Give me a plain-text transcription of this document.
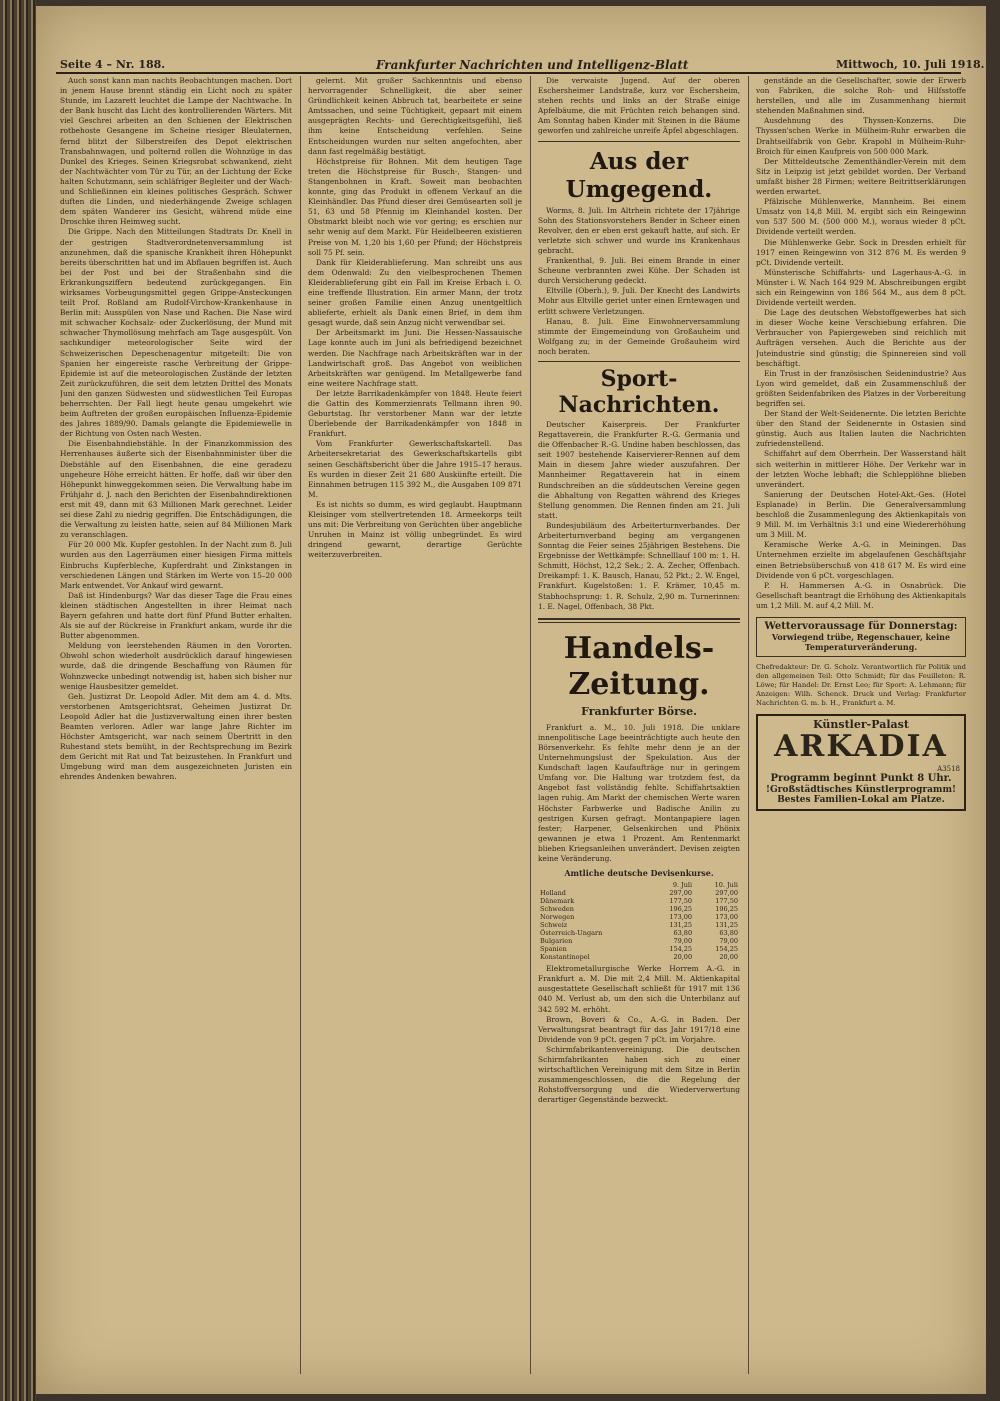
Seite 4 – Nr. 188.	Frankfurter Nachrichten und Intelligenz-Blatt	Mittwoch, 10. Juli 1918.

Auch sonst kann man nachts Beobachtungen machen. Dort in jenem Hause brennt ständig ein Licht noch zu später Stunde, im Lazarett leuchtet die Lampe der Nachtwache. In der Bank huscht das Licht des kontrollierenden Wärters. Mit viel Geschrei arbeiten an den Schienen der Elektrischen rotbehoste Gesangene im Scheine riesiger Bleulaternen, fernd blitzt der Silberstreifen des Depot elektrischen Transbahnwagen, und polternd rollen die Wohnzüge in das Dunkel des Krieges. Seinen Kriegsrobat schwankend, zieht der Nachtwächter vom Tür zu Tür, an der Lichtung der Ecke halten Schutzmann, sein schläfriger Begleiter und der Wach- und Schließinnen ein kleines politisches Gespräch. Schwer duften die Linden, und niederhängende Zweige schlagen dem späten Wanderer ins Gesicht, während müde eine Droschke ihren Heimweg sucht.

Die Grippe. Nach den Mitteilungen Stadtrats Dr. Knell in der gestrigen Stadtverordnetenversammlung ist anzunehmen, daß die spanische Krankheit ihren Höhepunkt bereits überschritten hat und im Abflauen begriffen ist. Auch bei der Post und bei der Straßenbahn sind die Erkrankungsziffern bedeutend zurückgegangen. Ein wirksames Vorbeugungsmittel gegen Grippe-Ansteckungen teilt Prof. Roßland am Rudolf-Virchow-Krankenhause in Berlin mit: Ausspülen von Nase und Rachen. Die Nase wird mit schwacher Kochsalz- oder Zuckerlösung, der Mund mit schwacher Thymollösung mehrfach am Tage ausgespült. Von sachkundiger meteorologischer Seite wird der Schweizerischen Depeschenagentur mitgeteilt: Die von Spanien her eingereiste rasche Verbreitung der Grippe-Epidemie ist auf die meteorologischen Zustände der letzten Zeit zurückzuführen, die seit dem letzten Drittel des Monats Juni den ganzen Südwesten und südwestlichen Teil Europas beherrschten. Der Fall liegt heute genau umgekehrt wie beim Auftreten der großen europäischen Influenza-Epidemie des Jahres 1889/90. Damals gelangte die Epidemiewelle in der Richtung von Osten nach Westen.

Die Eisenbahndiebstähle. In der Finanzkommission des Herrenhauses äußerte sich der Eisenbahnminister über die Diebstähle auf den Eisenbahnen, die eine geradezu ungeheure Höhe erreicht hätten. Er hoffe, daß wir über den Höhepunkt hinweggekommen seien. Die Verwaltung habe im Frühjahr d. J. nach den Berichten der Eisenbahndirektionen erst mit 49, dann mit 63 Millionen Mark gerechnet. Leider sei diese Zahl zu niedrig gegriffen. Die Entschädigungen, die die Verwaltung zu leisten hatte, seien auf 84 Millionen Mark zu veranschlagen.

Für 20 000 Mk. Kupfer gestohlen. In der Nacht zum 8. Juli wurden aus den Lagerräumen einer hiesigen Firma mittels Einbruchs Kupferbleche, Kupferdraht und Zinkstangen in verschiedenen Längen und Stärken im Werte von 15–20 000 Mark entwendet. Vor Ankauf wird gewarnt.

Daß ist Hindenburgs? War das dieser Tage die Frau eines kleinen städtischen Angestellten in ihrer Heimat nach Bayern gefahren und hatte dort fünf Pfund Butter erhalten. Als sie auf der Rückreise in Frankfurt ankam, wurde ihr die Butter abgenommen.

Meldung von leerstehenden Räumen in den Vororten. Obwohl schon wiederholt ausdrücklich darauf hingewiesen wurde, daß die dringende Beschaffung von Räumen für Wohnzwecke unbedingt notwendig ist, haben sich bisher nur wenige Hausbesitzer gemeldet.

Geh. Justizrat Dr. Leopold Adler. Mit dem am 4. d. Mts. verstorbenen Amtsgerichtsrat, Geheimen Justizrat Dr. Leopold Adler hat die Justizverwaltung einen ihrer besten Beamten verloren. Adler war lange Jahre Richter im Höchster Amtsgericht, war nach seinem Übertritt in den Ruhestand stets bemüht, in der Rechtsprechung im Bezirk dem Gericht mit Rat und Tat beizustehen. In Frankfurt und Umgebung wird man dem ausgezeichneten Juristen ein ehrendes Andenken bewahren.

gelernt. Mit großer Sachkenntnis und ebenso hervorragender Schnelligkeit, die aber seiner Gründlichkeit keinen Abbruch tat, bearbeitete er seine Amtssachen, und seine Tüchtigkeit, gepaart mit einem ausgeprägten Rechts- und Gerechtigkeitsgefühl, ließ ihm keine Entscheidung verfehlen. Seine Entscheidungen wurden nur selten angefochten, aber dann fast regelmäßig bestätigt.

Höchstpreise für Bohnen. Mit dem heutigen Tage treten die Höchstpreise für Busch-, Stangen- und Stangenbohnen in Kraft. Soweit man beobachten konnte, ging das Produkt in offenem Verkauf an die Kleinhändler. Das Pfund dieser drei Gemüsearten soll je 51, 63 und 58 Pfennig im Kleinhandel kosten. Der Obstmarkt bleibt noch wie vor gering; es erschien nur sehr wenig auf dem Markt. Für Heidelbeeren existieren Preise von M. 1,20 bis 1,60 per Pfund; der Höchstpreis soll 75 Pf. sein.

Dank für Kleiderablieferung. Man schreibt uns aus dem Odenwald: Zu den vielbesprochenen Themen Kleiderablieferung gibt ein Fall im Kreise Erbach i. O. eine treffende Illustration. Ein armer Mann, der trotz seiner großen Familie einen Anzug unentgeltlich ablieferte, erhielt als Dank einen Brief, in dem ihm gesagt wurde, daß sein Anzug nicht verwendbar sei.

Der Arbeitsmarkt im Juni. Die Hessen-Nassauische Lage konnte auch im Juni als befriedigend bezeichnet werden. Die Nachfrage nach Arbeitskräften war in der Landwirtschaft groß. Das Angebot von weiblichen Arbeitskräften war genügend. Im Metallgewerbe fand eine weitere Nachfrage statt.

Der letzte Barrikadenkämpfer von 1848. Heute feiert die Gattin des Kommerzienrats Tellmann ihren 90. Geburtstag. Ihr verstorbener Mann war der letzte Überlebende der Barrikadenkämpfer von 1848 in Frankfurt.

Vom Frankfurter Gewerkschaftskartell. Das Arbeitersekretariat des Gewerkschaftskartells gibt seinen Geschäftsbericht über die Jahre 1915–17 heraus. Es wurden in dieser Zeit 21 680 Auskünfte erteilt. Die Einnahmen betrugen 115 392 M., die Ausgaben 109 871 M.

Es ist nichts so dumm, es wird geglaubt. Hauptmann Kleisinger vom stellvertretenden 18. Armeekorps teilt uns mit: Die Verbreitung von Gerüchten über angebliche Unruhen in Mainz ist völlig unbegründet. Es wird dringend gewarnt, derartige Gerüchte weiterzuverbreiten.

Die verwaiste Jugend. Auf der oberen Eschersheimer Landstraße, kurz vor Eschersheim, stehen rechts und links an der Straße einige Apfelbäume, die mit Früchten reich behangen sind. Am Sonntag haben Kinder mit Steinen in die Bäume geworfen und zahlreiche unreife Äpfel abgeschlagen.

Aus der Umgegend.

Worms, 8. Juli. Im Altrhein richtete der 17jährige Sohn des Stationsvorstehers Bender in Scheer einen Revolver, den er eben erst gekauft hatte, auf sich. Er verletzte sich schwer und wurde ins Krankenhaus gebracht.

Frankenthal, 9. Juli. Bei einem Brande in einer Scheune verbrannten zwei Kühe. Der Schaden ist durch Versicherung gedeckt.

Eltville (Oberh.), 9. Juli. Der Knecht des Landwirts Mohr aus Eltville geriet unter einen Erntewagen und erlitt schwere Verletzungen.

Hanau, 8. Juli. Eine Einwohnerversammlung stimmte der Eingemeindung von Großauheim und Wolfgang zu; in der Gemeinde Großauheim wird noch beraten.

Sport-Nachrichten.

Deutscher Kaiserpreis. Der Frankfurter Regattaverein, die Frankfurter R.-G. Germania und die Offenbacher R.-G. Undine haben beschlossen, das seit 1907 bestehende Kaiservierer-Rennen auf dem Main in diesem Jahre wieder auszufahren. Der Mannheimer Regattaverein hat in einem Rundschreiben an die süddeutschen Vereine gegen die Abhaltung von Regatten während des Krieges Stellung genommen. Die Rennen finden am 21. Juli statt.

Bundesjubiläum des Arbeiterturnverbandes. Der Arbeiterturnverband beging am vergangenen Sonntag die Feier seines 25jährigen Bestehens. Die Ergebnisse der Wettkämpfe: Schnelllauf 100 m: 1. H. Schmitt, Höchst, 12,2 Sek.; 2. A. Zecher, Offenbach. Dreikampf: 1. K. Bausch, Hanau, 52 Pkt.; 2. W. Engel, Frankfurt. Kugelstoßen: 1. F. Krämer, 10,45 m. Stabhochsprung: 1. R. Schulz, 2,90 m. Turnerinnen: 1. E. Nagel, Offenbach, 38 Pkt.

Handels-Zeitung.
Frankfurter Börse.

Frankfurt a. M., 10. Juli 1918. Die unklare innenpolitische Lage beeinträchtigte auch heute den Börsenverkehr. Es fehlte mehr denn je an der Unternehmungslust der Spekulation. Aus der Kundschaft lagen Kaufaufträge nur in geringem Umfang vor. Die Haltung war trotzdem fest, da Angebot fast vollständig fehlte. Schiffahrtsaktien lagen ruhig. Am Markt der chemischen Werte waren Höchster Farbwerke und Badische Anilin zu gestrigen Kursen gefragt. Montanpapiere lagen fester; Harpener, Gelsenkirchen und Phönix gewannen je etwa 1 Prozent. Am Rentenmarkt blieben Kriegsanleihen unverändert. Devisen zeigten keine Veränderung.

Amtliche deutsche Devisenkurse.
	9. Juli	10. Juli
Holland	297,00	297,00
Dänemark	177,50	177,50
Schweden	196,25	196,25
Norwegen	173,00	173,00
Schweiz	131,25	131,25
Österreich-Ungarn	63,80	63,80
Bulgarien	79,00	79,00
Spanien	154,25	154,25
Konstantinopel	20,00	20,00

Elektrometallurgische Werke Horrem A.-G. in Frankfurt a. M. Die mit 2,4 Mill. M. Aktienkapital ausgestattete Gesellschaft schließt für 1917 mit 136 040 M. Verlust ab, um den sich die Unterbilanz auf 342 592 M. erhöht.

Brown, Boveri & Co., A.-G. in Baden. Der Verwaltungsrat beantragt für das Jahr 1917/18 eine Dividende von 9 pCt. gegen 7 pCt. im Vorjahre.

Schirmfabrikantenvereinigung. Die deutschen Schirmfabrikanten haben sich zu einer wirtschaftlichen Vereinigung mit dem Sitze in Berlin zusammengeschlossen, die die Regelung der Rohstoffversorgung und die Wiederverwertung derartiger Gegenstände bezweckt.

genstände an die Gesellschafter, sowie der Erwerb von Fabriken, die solche Roh- und Hilfsstoffe herstellen, und alle im Zusammenhang hiermit stehenden Maßnahmen sind.

Ausdehnung des Thyssen-Konzerns. Die Thyssen'schen Werke in Mülheim-Ruhr erwarben die Drahtseilfabrik von Gebr. Krapohl in Mülheim-Ruhr-Broich für einen Kaufpreis von 500 000 Mark.

Der Mitteldeutsche Zementhändler-Verein mit dem Sitz in Leipzig ist jetzt gebildet worden. Der Verband umfaßt bisher 28 Firmen; weitere Beitrittserklärungen werden erwartet.

Pfälzische Mühlenwerke, Mannheim. Bei einem Umsatz von 14,8 Mill. M. ergibt sich ein Reingewinn von 537 500 M. (500 000 M.), woraus wieder 8 pCt. Dividende verteilt werden.

Die Mühlenwerke Gebr. Sock in Dresden erhielt für 1917 einen Reingewinn von 312 876 M. Es werden 9 pCt. Dividende verteilt.

Münsterische Schiffahrts- und Lagerhaus-A.-G. in Münster i. W. Nach 164 929 M. Abschreibungen ergibt sich ein Reingewinn von 186 564 M., aus dem 8 pCt. Dividende verteilt werden.

Die Lage des deutschen Webstoffgewerbes hat sich in dieser Woche keine Verschiebung erfahren. Die Verbraucher von Papiergeweben sind reichlich mit Aufträgen versehen. Auch die Berichte aus der Juteindustrie sind günstig; die Spinnereien sind voll beschäftigt.

Ein Trust in der französischen Seidenindustrie? Aus Lyon wird gemeldet, daß ein Zusammenschluß der größten Seidenfabriken des Platzes in der Vorbereitung begriffen sei.

Der Stand der Welt-Seidenernte. Die letzten Berichte über den Stand der Seidenernte in Ostasien sind günstig. Auch aus Italien lauten die Nachrichten zufriedenstellend.

Schiffahrt auf dem Oberrhein. Der Wasserstand hält sich weiterhin in mittlerer Höhe. Der Verkehr war in der letzten Woche lebhaft; die Schlepplöhne blieben unverändert.

Sanierung der Deutschen Hotel-Akt.-Ges. (Hotel Esplanade) in Berlin. Die Generalversammlung beschloß die Zusammenlegung des Aktienkapitals von 9 Mill. M. im Verhältnis 3:1 und eine Wiedererhöhung um 3 Mill. M.

Keramische Werke A.-G. in Meiningen. Das Unternehmen erzielte im abgelaufenen Geschäftsjahr einen Betriebsüberschuß von 418 617 M. Es wird eine Dividende von 6 pCt. vorgeschlagen.

P. H. Hammersen A.-G. in Osnabrück. Die Gesellschaft beantragt die Erhöhung des Aktienkapitals um 1,2 Mill. M. auf 4,2 Mill. M.

Wettervoraussage für Donnerstag:
Vorwiegend trübe, Regenschauer, keine Temperaturveränderung.
Chefredakteur: Dr. G. Scholz. Verantwortlich für Politik und den allgemeinen Teil: Otto Schmidt; für das Feuilleton: R. Löwe; für Handel: Dr. Ernst Leo; für Sport: A. Lehmann; für Anzeigen: Wilh. Schenck. Druck und Verlag: Frankfurter Nachrichten G. m. b. H., Frankfurt a. M.
Künstler-Palast
ARKADIA
A3518
Programm beginnt Punkt 8 Uhr.
!Großstädtisches Künstlerprogramm!
Bestes Familien-Lokal am Platze.
